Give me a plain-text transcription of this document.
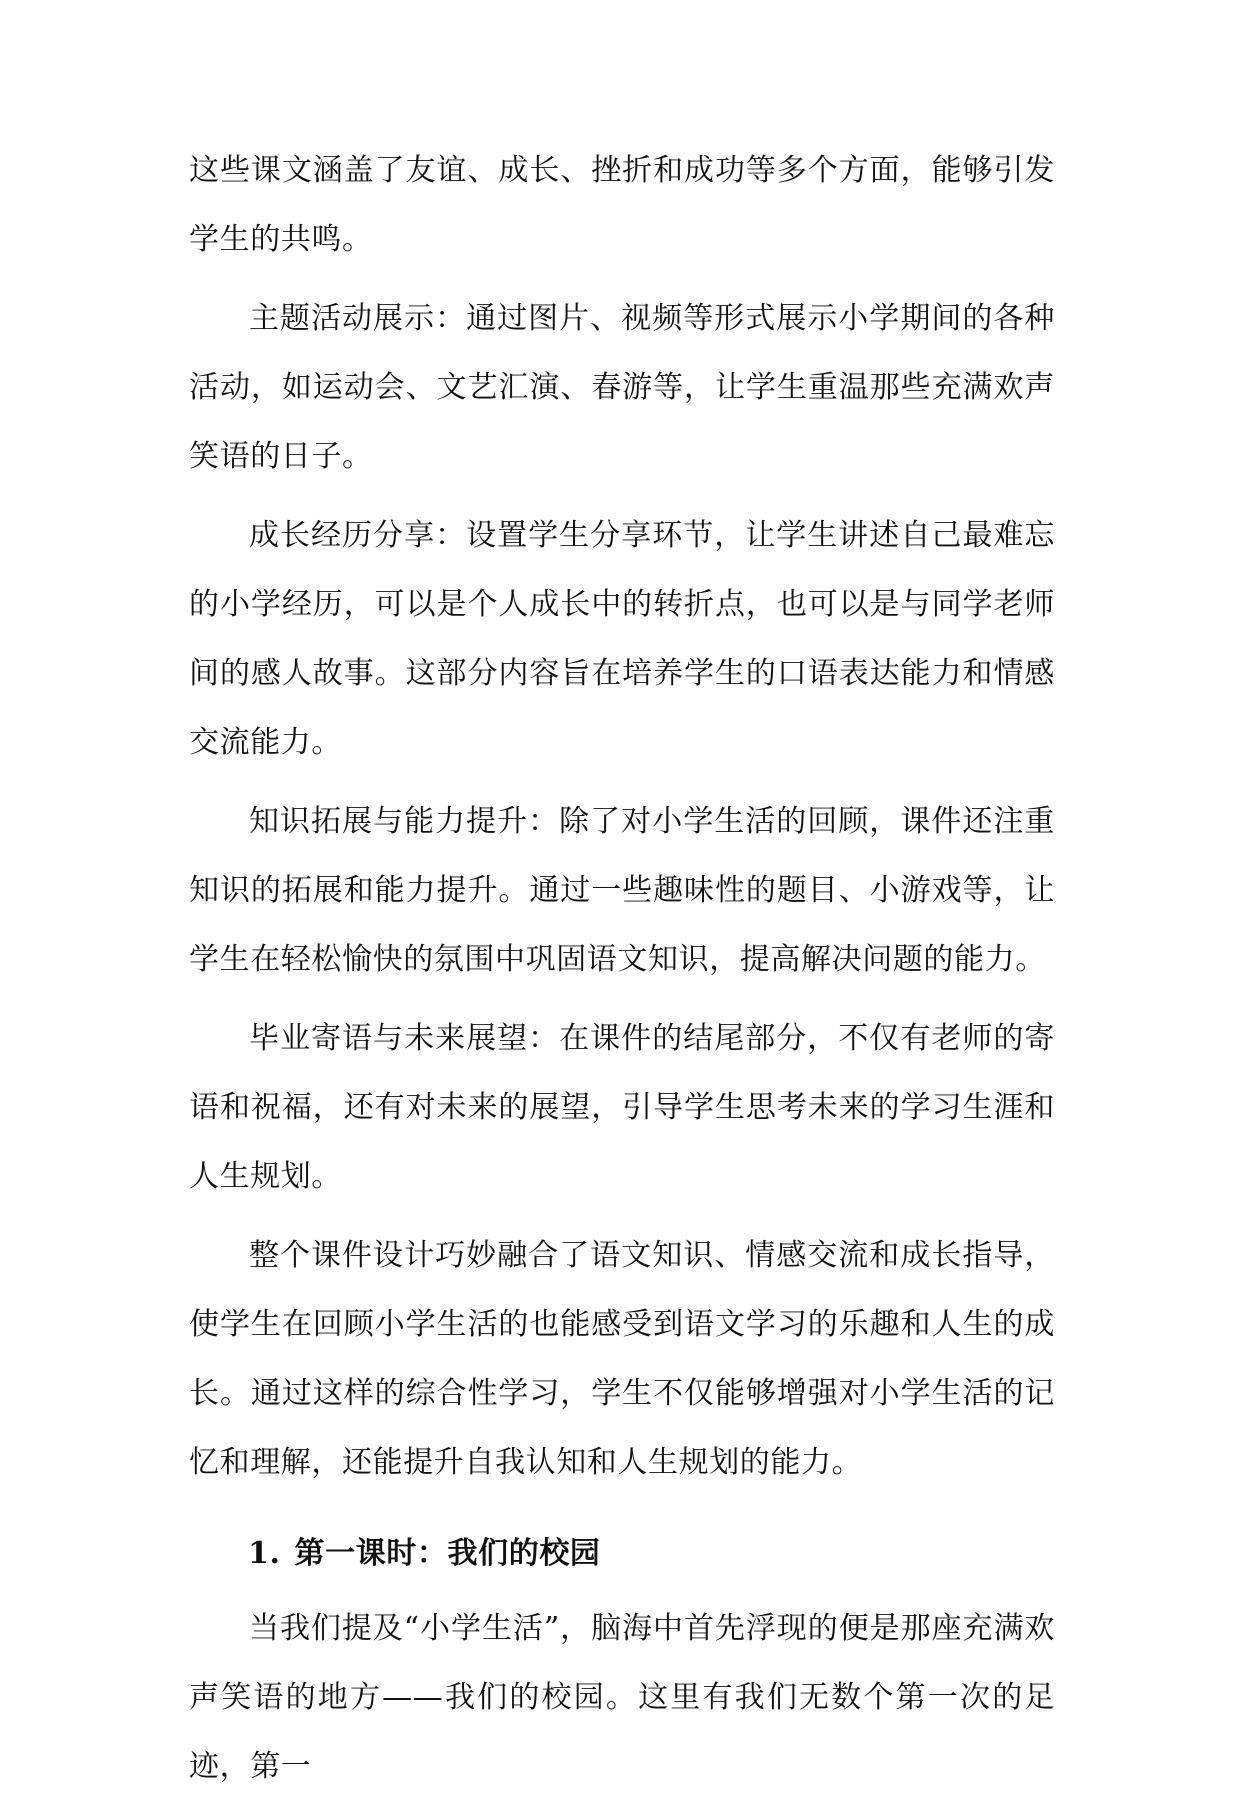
这些课文涵盖了友谊、成长、挫折和成功等多个方面，能够引发学生的共鸣。

主题活动展示：通过图片、视频等形式展示小学期间的各种活动，如运动会、文艺汇演、春游等，让学生重温那些充满欢声笑语的日子。

成长经历分享：设置学生分享环节，让学生讲述自己最难忘的小学经历，可以是个人成长中的转折点，也可以是与同学老师间的感人故事。这部分内容旨在培养学生的口语表达能力和情感交流能力。

知识拓展与能力提升：除了对小学生活的回顾，课件还注重知识的拓展和能力提升。通过一些趣味性的题目、小游戏等，让学生在轻松愉快的氛围中巩固语文知识，提高解决问题的能力。

毕业寄语与未来展望：在课件的结尾部分，不仅有老师的寄语和祝福，还有对未来的展望，引导学生思考未来的学习生涯和人生规划。

整个课件设计巧妙融合了语文知识、情感交流和成长指导，使学生在回顾小学生活的也能感受到语文学习的乐趣和人生的成长。通过这样的综合性学习，学生不仅能够增强对小学生活的记忆和理解，还能提升自我认知和人生规划的能力。

1. 第一课时：我们的校园

当我们提及“小学生活”，脑海中首先浮现的便是那座充满欢声笑语的地方——我们的校园。这里有我们无数个第一次的足迹，第一
